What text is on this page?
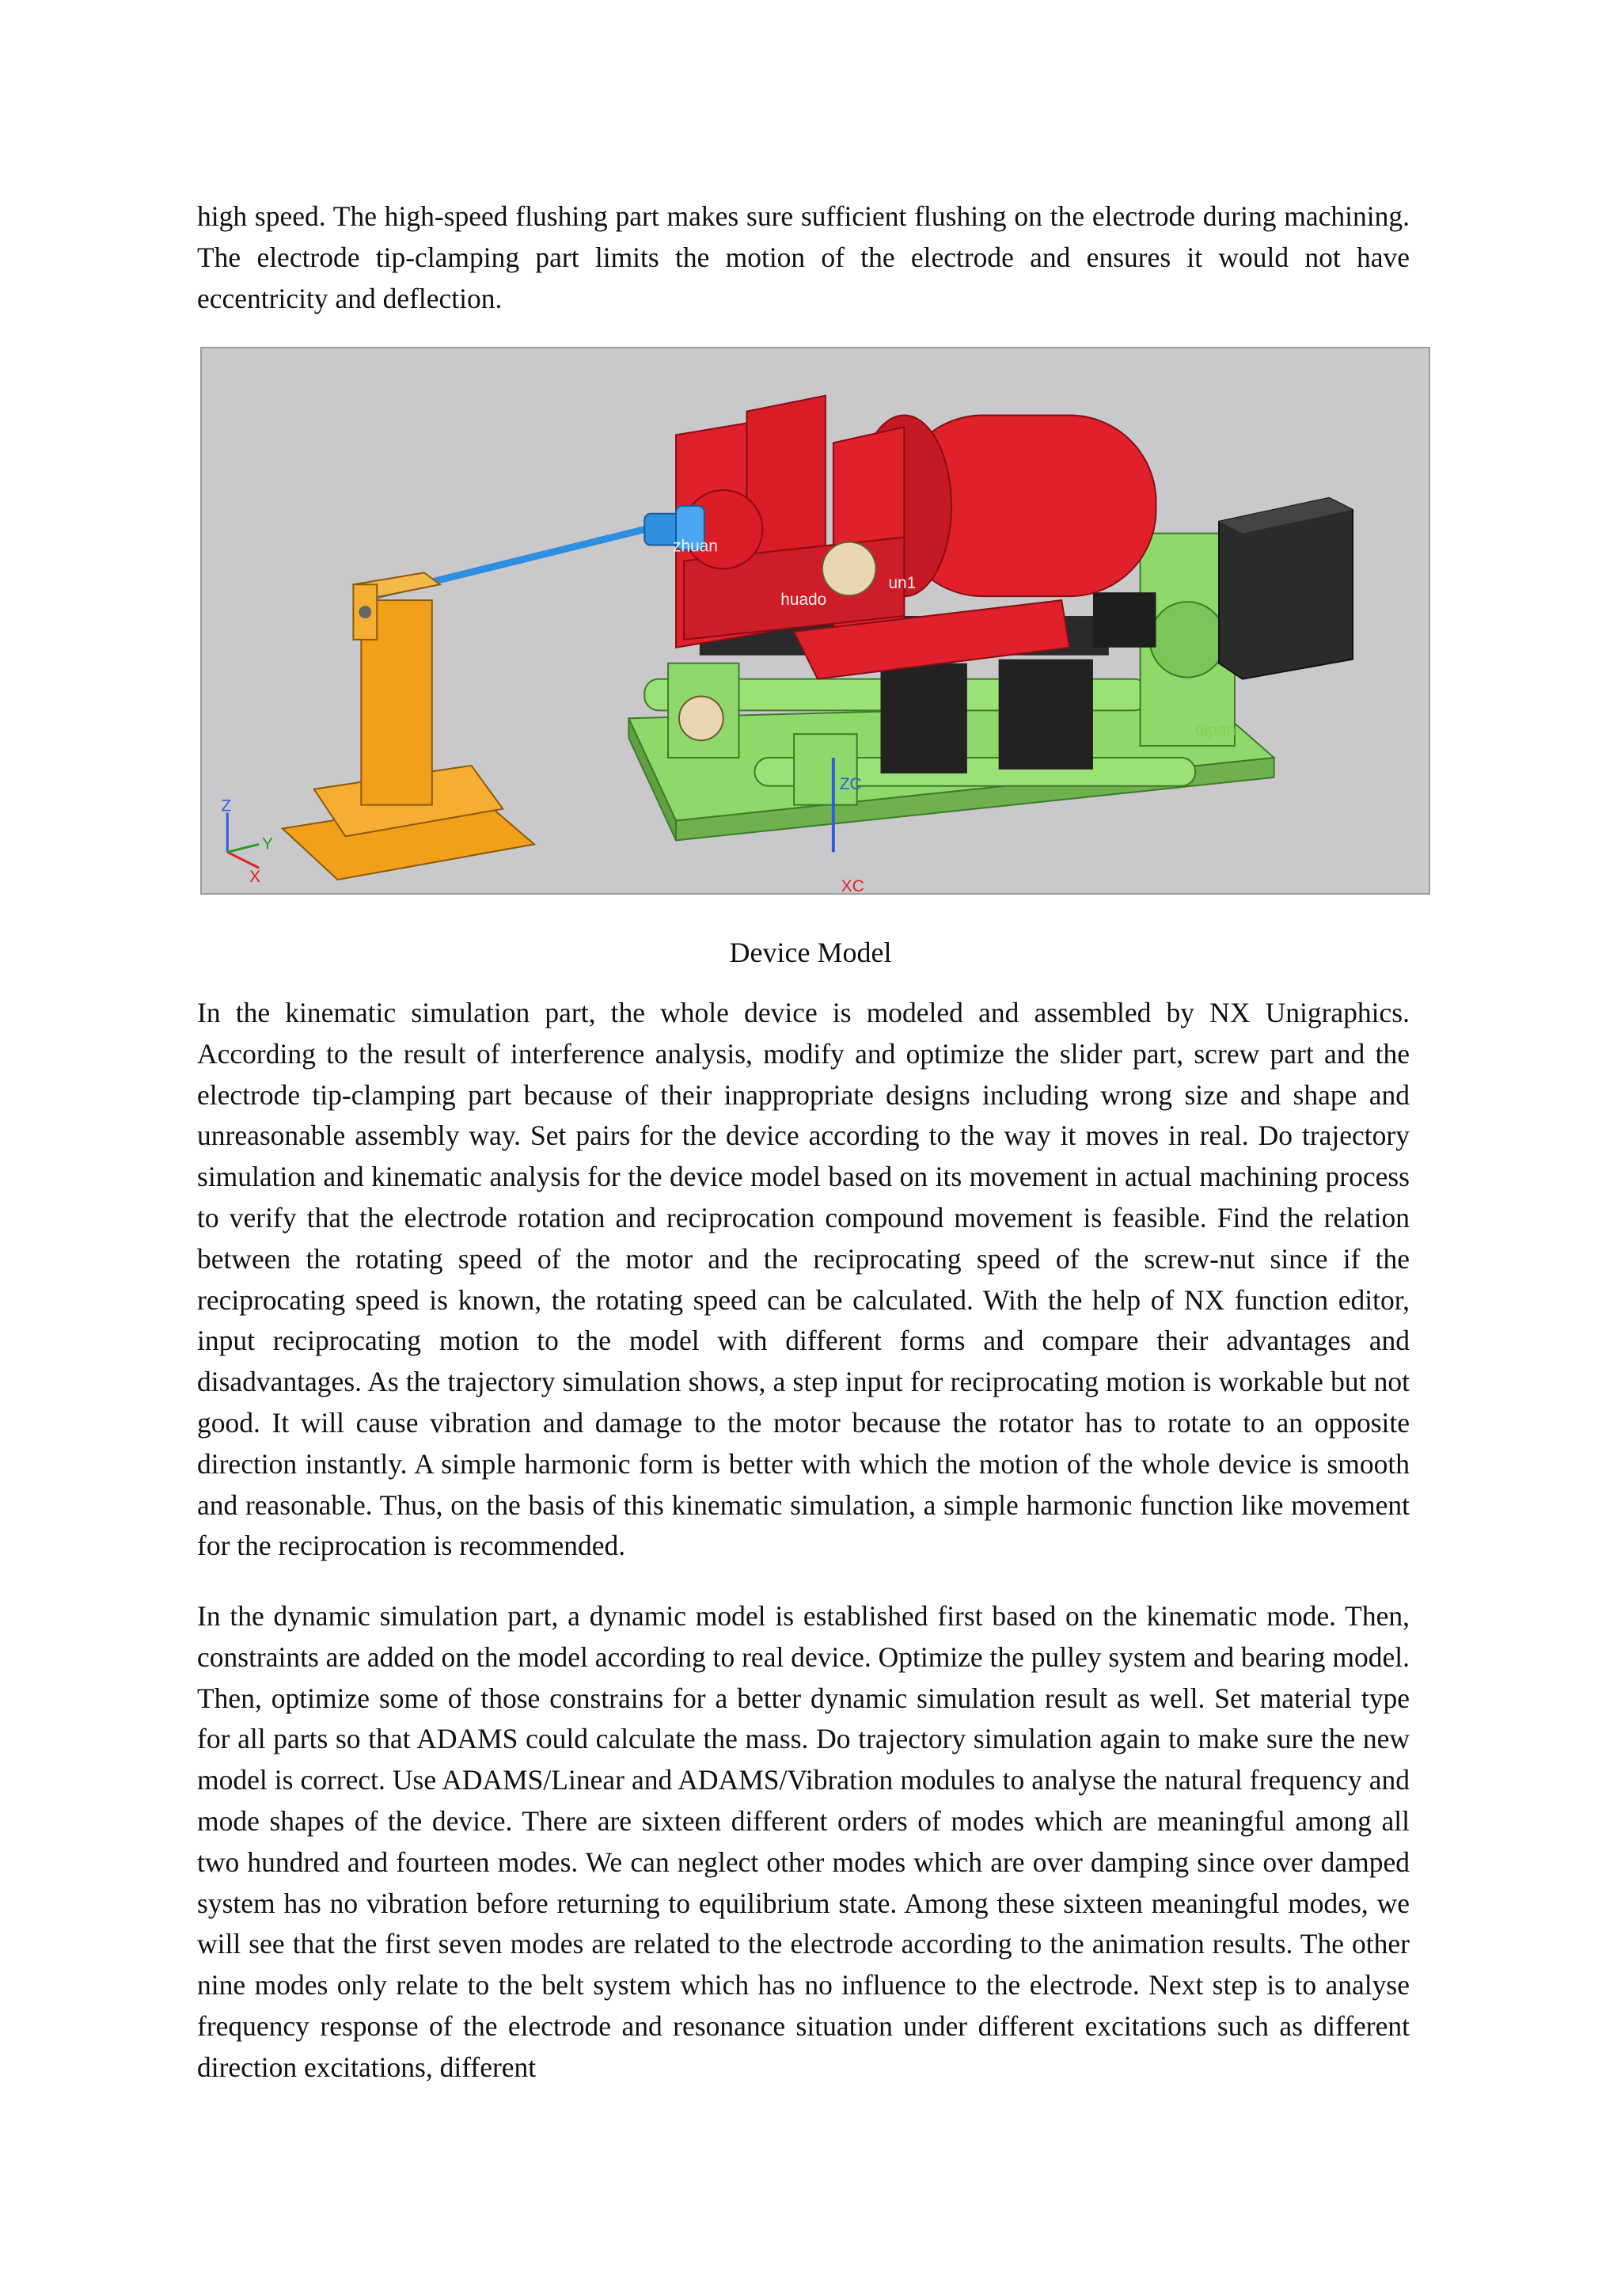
high speed. The high-speed flushing part makes sure sufficient flushing on the electrode during machining. The electrode tip-clamping part limits the motion of the electrode and ensures it would not have eccentricity and deflection.

zhuan
huado
un1
dipan
ZC
XC
Z
Y
X

Device Model

In the kinematic simulation part, the whole device is modeled and assembled by NX Unigraphics. According to the result of interference analysis, modify and optimize the slider part, screw part and the electrode tip-clamping part because of their inappropriate designs including wrong size and shape and unreasonable assembly way. Set pairs for the device according to the way it moves in real. Do trajectory simulation and kinematic analysis for the device model based on its movement in actual machining process to verify that the electrode rotation and reciprocation compound movement is feasible. Find the relation between the rotating speed of the motor and the reciprocating speed of the screw-nut since if the reciprocating speed is known, the rotating speed can be calculated. With the help of NX function editor, input reciprocating motion to the model with different forms and compare their advantages and disadvantages. As the trajectory simulation shows, a step input for reciprocating motion is workable but not good. It will cause vibration and damage to the motor because the rotator has to rotate to an opposite direction instantly. A simple harmonic form is better with which the motion of the whole device is smooth and reasonable. Thus, on the basis of this kinematic simulation, a simple harmonic function like movement for the reciprocation is recommended.

In the dynamic simulation part, a dynamic model is established first based on the kinematic mode. Then, constraints are added on the model according to real device. Optimize the pulley system and bearing model. Then, optimize some of those constrains for a better dynamic simulation result as well. Set material type for all parts so that ADAMS could calculate the mass. Do trajectory simulation again to make sure the new model is correct. Use ADAMS/Linear and ADAMS/Vibration modules to analyse the natural frequency and mode shapes of the device. There are sixteen different orders of modes which are meaningful among all two hundred and fourteen modes. We can neglect other modes which are over damping since over damped system has no vibration before returning to equilibrium state. Among these sixteen meaningful modes, we will see that the first seven modes are related to the electrode according to the animation results. The other nine modes only relate to the belt system which has no influence to the electrode. Next step is to analyse frequency response of the electrode and resonance situation under different excitations such as different direction excitations, different
